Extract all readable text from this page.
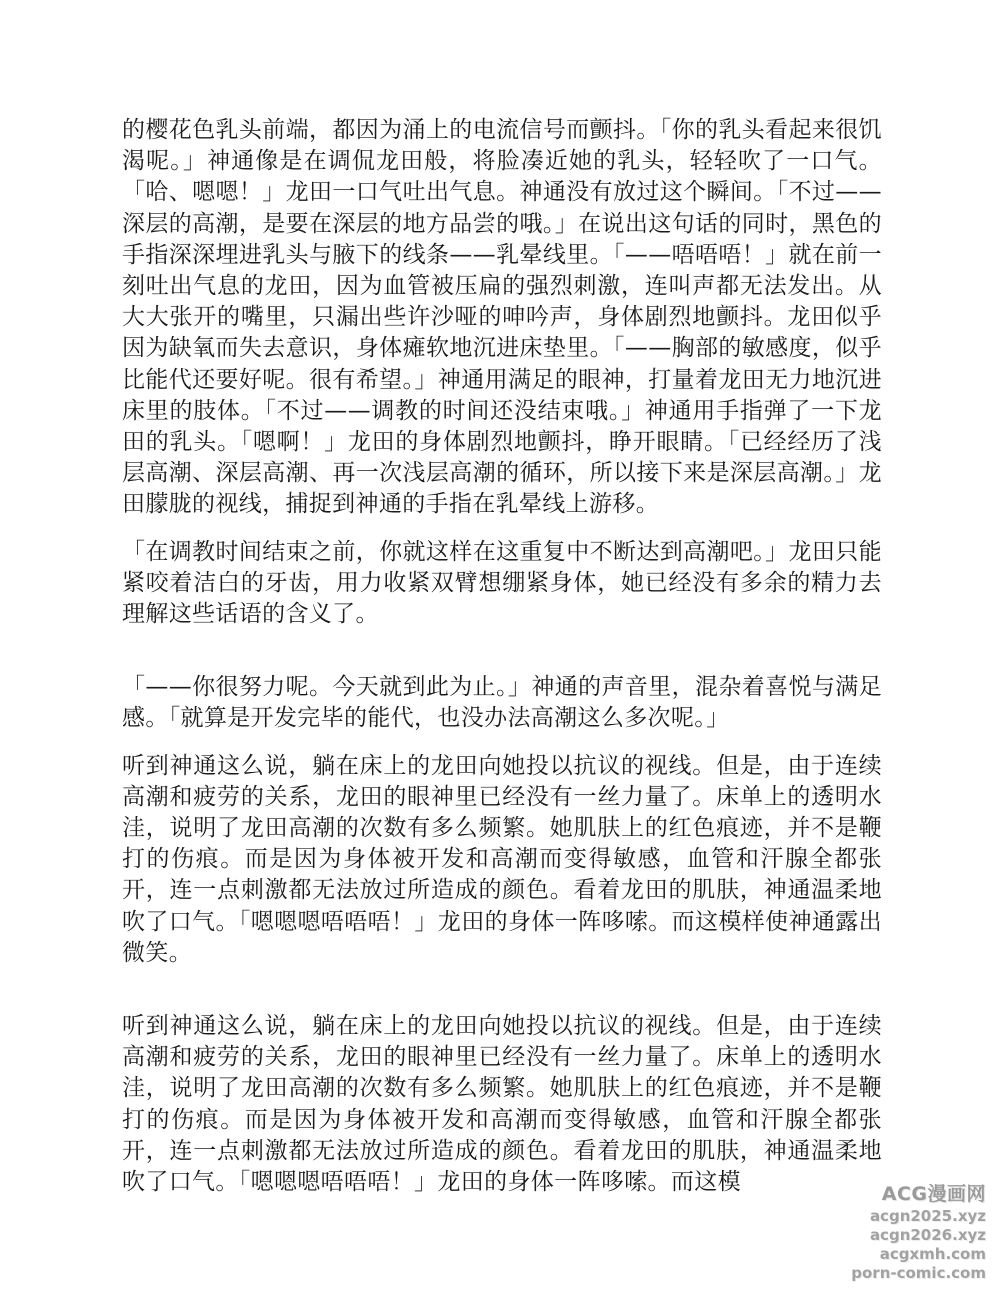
的樱花色乳头前端，都因为涌上的电流信号而颤抖。「你的乳头看起来很饥渴呢。」神通像是在调侃龙田般，将脸凑近她的乳头，轻轻吹了一口气。「哈、嗯嗯！」龙田一口气吐出气息。神通没有放过这个瞬间。「不过——深层的高潮，是要在深层的地方品尝的哦。」在说出这句话的同时，黑色的手指深深埋进乳头与腋下的线条——乳晕线里。「——唔唔唔！」就在前一刻吐出气息的龙田，因为血管被压扁的强烈刺激，连叫声都无法发出。从大大张开的嘴里，只漏出些许沙哑的呻吟声，身体剧烈地颤抖。龙田似乎因为缺氧而失去意识，身体瘫软地沉进床垫里。「——胸部的敏感度，似乎比能代还要好呢。很有希望。」神通用满足的眼神，打量着龙田无力地沉进床里的肢体。「不过——调教的时间还没结束哦。」神通用手指弹了一下龙田的乳头。「嗯啊！」龙田的身体剧烈地颤抖，睁开眼睛。「已经经历了浅层高潮、深层高潮、再一次浅层高潮的循环，所以接下来是深层高潮。」龙田朦胧的视线，捕捉到神通的手指在乳晕线上游移。

「在调教时间结束之前，你就这样在这重复中不断达到高潮吧。」龙田只能紧咬着洁白的牙齿，用力收紧双臂想绷紧身体，她已经没有多余的精力去理解这些话语的含义了。

「——你很努力呢。今天就到此为止。」神通的声音里，混杂着喜悦与满足感。「就算是开发完毕的能代，也没办法高潮这么多次呢。」

听到神通这么说，躺在床上的龙田向她投以抗议的视线。但是，由于连续高潮和疲劳的关系，龙田的眼神里已经没有一丝力量了。床单上的透明水洼，说明了龙田高潮的次数有多么频繁。她肌肤上的红色痕迹，并不是鞭打的伤痕。而是因为身体被开发和高潮而变得敏感，血管和汗腺全都张开，连一点刺激都无法放过所造成的颜色。看着龙田的肌肤，神通温柔地吹了口气。「嗯嗯嗯唔唔唔！」龙田的身体一阵哆嗦。而这模样使神通露出微笑。

听到神通这么说，躺在床上的龙田向她投以抗议的视线。但是，由于连续高潮和疲劳的关系，龙田的眼神里已经没有一丝力量了。床单上的透明水洼，说明了龙田高潮的次数有多么频繁。她肌肤上的红色痕迹，并不是鞭打的伤痕。而是因为身体被开发和高潮而变得敏感，血管和汗腺全都张开，连一点刺激都无法放过所造成的颜色。看着龙田的肌肤，神通温柔地吹了口气。「嗯嗯嗯唔唔唔！」龙田的身体一阵哆嗦。而这模	ACG漫画网
acgn2025.xyz
acgn2026.xyz
acgxmh.com
porn-comic.com
